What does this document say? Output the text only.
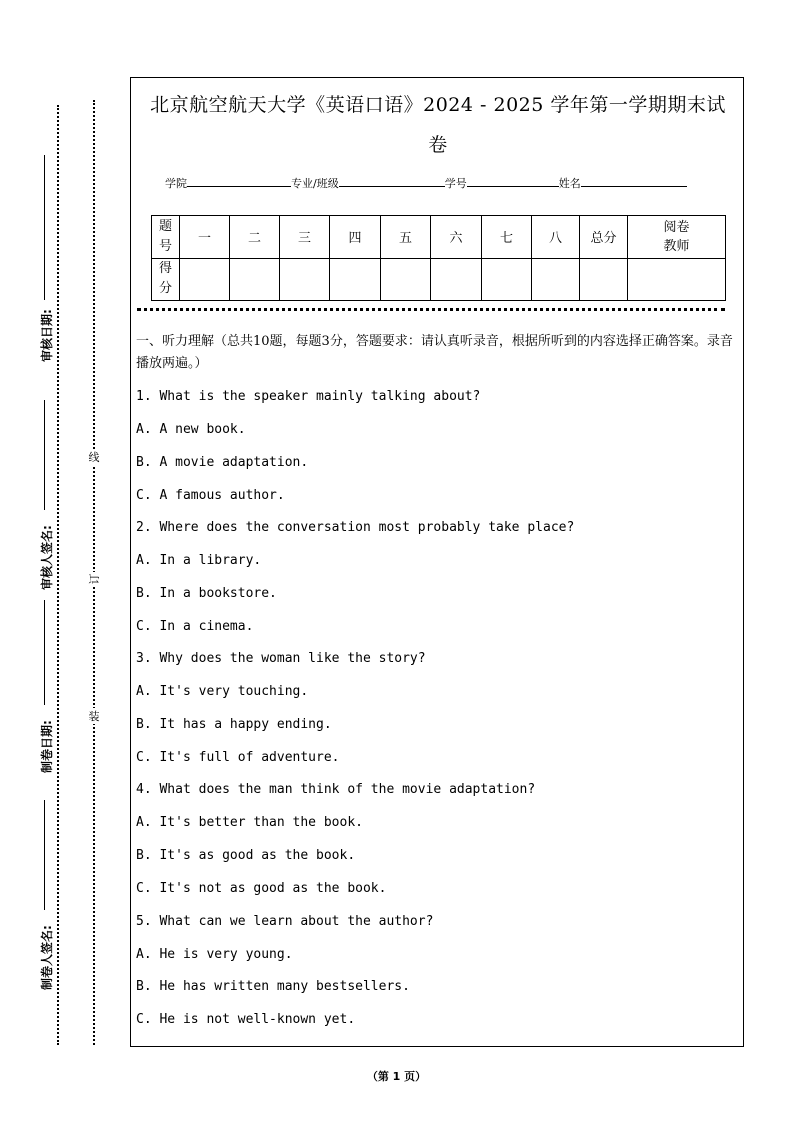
审核日期:
审核人签名:
制卷日期:
制卷人签名:
线
订
装
北京航空航天大学《英语口语》2024 - 2025 学年第一学期期末试
卷
学院	专业/班级	学号	姓名
题号	一	二	三	四	五	六	七	八	总分	阅卷教师
得分										
一、听力理解（总共10题，每题3分，答题要求：请认真听录音，根据所听到的内容选择正确答案。录音播放两遍。）
1. What is the speaker mainly talking about?
A. A new book.
B. A movie adaptation.
C. A famous author.
2. Where does the conversation most probably take place?
A. In a library.
B. In a bookstore.
C. In a cinema.
3. Why does the woman like the story?
A. It's very touching.
B. It has a happy ending.
C. It's full of adventure.
4. What does the man think of the movie adaptation?
A. It's better than the book.
B. It's as good as the book.
C. It's not as good as the book.
5. What can we learn about the author?
A. He is very young.
B. He has written many bestsellers.
C. He is not well-known yet.
（第 1 页）
